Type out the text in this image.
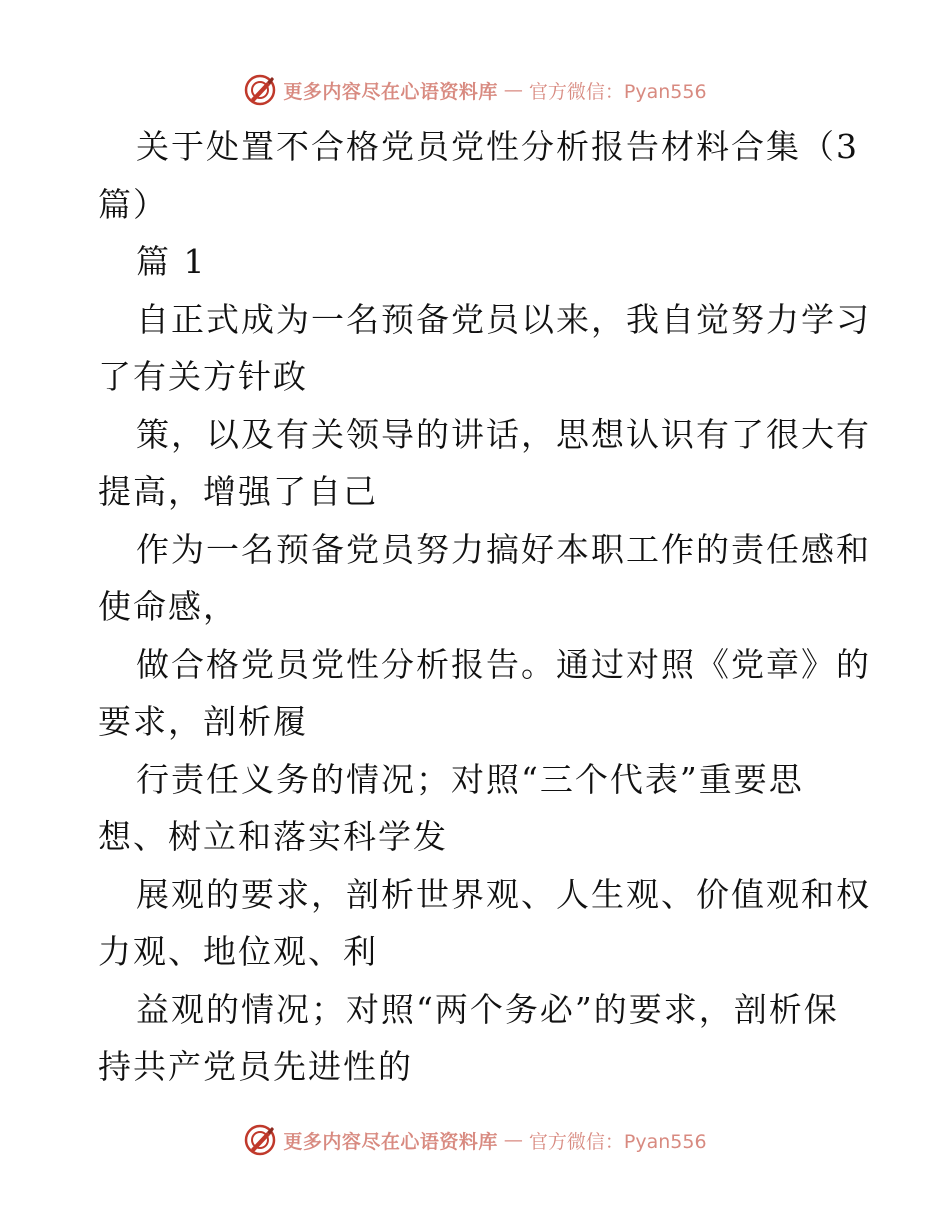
更多内容尽在心语资料库 — 官方微信：Pyan556
关于处置不合格党员党性分析报告材料合集（3
篇）
篇 1
自正式成为一名预备党员以来，我自觉努力学习
了有关方针政
策，以及有关领导的讲话，思想认识有了很大有
提高，增强了自己
作为一名预备党员努力搞好本职工作的责任感和
使命感，
做合格党员党性分析报告。通过对照《党章》的
要求，剖析履
行责任义务的情况；对照“三个代表”重要思
想、树立和落实科学发
展观的要求，剖析世界观、人生观、价值观和权
力观、地位观、利
益观的情况；对照“两个务必”的要求，剖析保
持共产党员先进性的
更多内容尽在心语资料库 — 官方微信：Pyan556
